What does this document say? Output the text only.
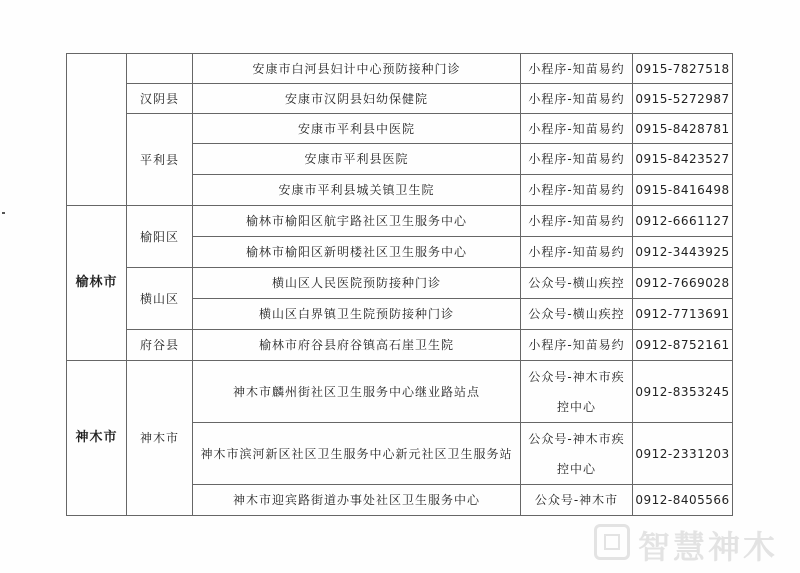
		安康市白河县妇计中心预防接种门诊	小程序-知苗易约	0915-7827518
	汉阴县	安康市汉阴县妇幼保健院	小程序-知苗易约	0915-5272987
	平利县	安康市平利县中医院	小程序-知苗易约	0915-8428781
		安康市平利县医院	小程序-知苗易约	0915-8423527
		安康市平利县城关镇卫生院	小程序-知苗易约	0915-8416498
榆林市	榆阳区	榆林市榆阳区航宇路社区卫生服务中心	小程序-知苗易约	0912-6661127
		榆林市榆阳区新明楼社区卫生服务中心	小程序-知苗易约	0912-3443925
	横山区	横山区人民医院预防接种门诊	公众号-横山疾控	0912-7669028
		横山区白界镇卫生院预防接种门诊	公众号-横山疾控	0912-7713691
	府谷县	榆林市府谷县府谷镇高石崖卫生院	小程序-知苗易约	0912-8752161
神木市	神木市	神木市麟州街社区卫生服务中心继业路站点	公众号-神木市疾控中心	0912-8353245
		神木市滨河新区社区卫生服务中心新元社区卫生服务站	公众号-神木市疾控中心	0912-2331203
		神木市迎宾路街道办事处社区卫生服务中心	公众号-神木市	0912-8405566
智慧神木
